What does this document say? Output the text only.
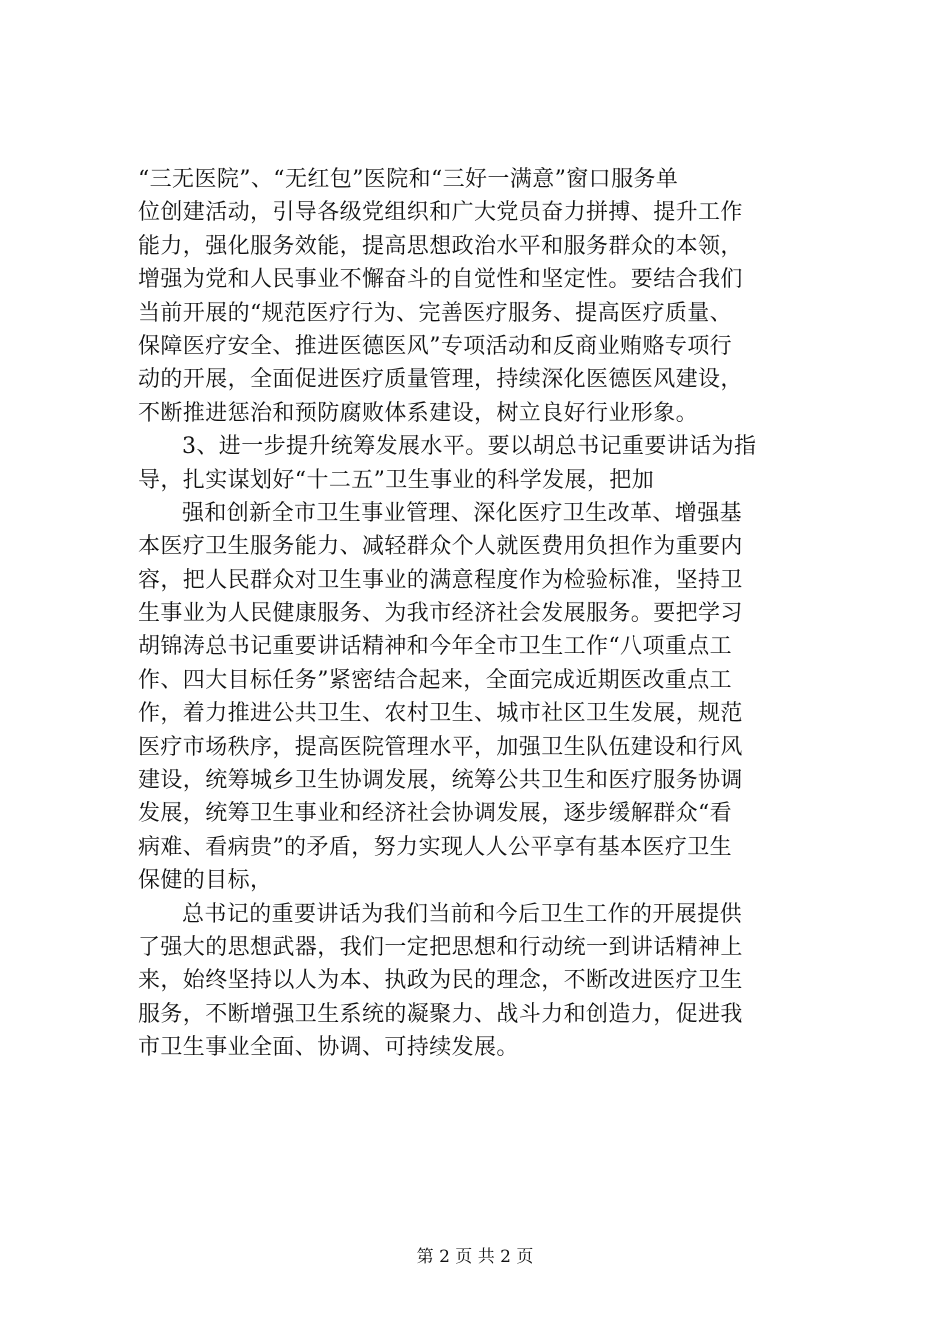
“三无医院”、“无红包”医院和“三好一满意”窗口服务单
位创建活动，引导各级党组织和广大党员奋力拼搏、提升工作
能力，强化服务效能，提高思想政治水平和服务群众的本领，
增强为党和人民事业不懈奋斗的自觉性和坚定性。要结合我们
当前开展的“规范医疗行为、完善医疗服务、提高医疗质量、
保障医疗安全、推进医德医风”专项活动和反商业贿赂专项行
动的开展，全面促进医疗质量管理，持续深化医德医风建设，
不断推进惩治和预防腐败体系建设，树立良好行业形象。
3、进一步提升统筹发展水平。要以胡总书记重要讲话为指
导，扎实谋划好“十二五”卫生事业的科学发展，把加
强和创新全市卫生事业管理、深化医疗卫生改革、增强基
本医疗卫生服务能力、减轻群众个人就医费用负担作为重要内
容，把人民群众对卫生事业的满意程度作为检验标准，坚持卫
生事业为人民健康服务、为我市经济社会发展服务。要把学习
胡锦涛总书记重要讲话精神和今年全市卫生工作“八项重点工
作、四大目标任务”紧密结合起来，全面完成近期医改重点工
作，着力推进公共卫生、农村卫生、城市社区卫生发展，规范
医疗市场秩序，提高医院管理水平，加强卫生队伍建设和行风
建设，统筹城乡卫生协调发展，统筹公共卫生和医疗服务协调
发展，统筹卫生事业和经济社会协调发展，逐步缓解群众“看
病难、看病贵”的矛盾，努力实现人人公平享有基本医疗卫生
保健的目标，
总书记的重要讲话为我们当前和今后卫生工作的开展提供
了强大的思想武器，我们一定把思想和行动统一到讲话精神上
来，始终坚持以人为本、执政为民的理念，不断改进医疗卫生
服务，不断增强卫生系统的凝聚力、战斗力和创造力，促进我
市卫生事业全面、协调、可持续发展。
第 2 页 共 2 页
